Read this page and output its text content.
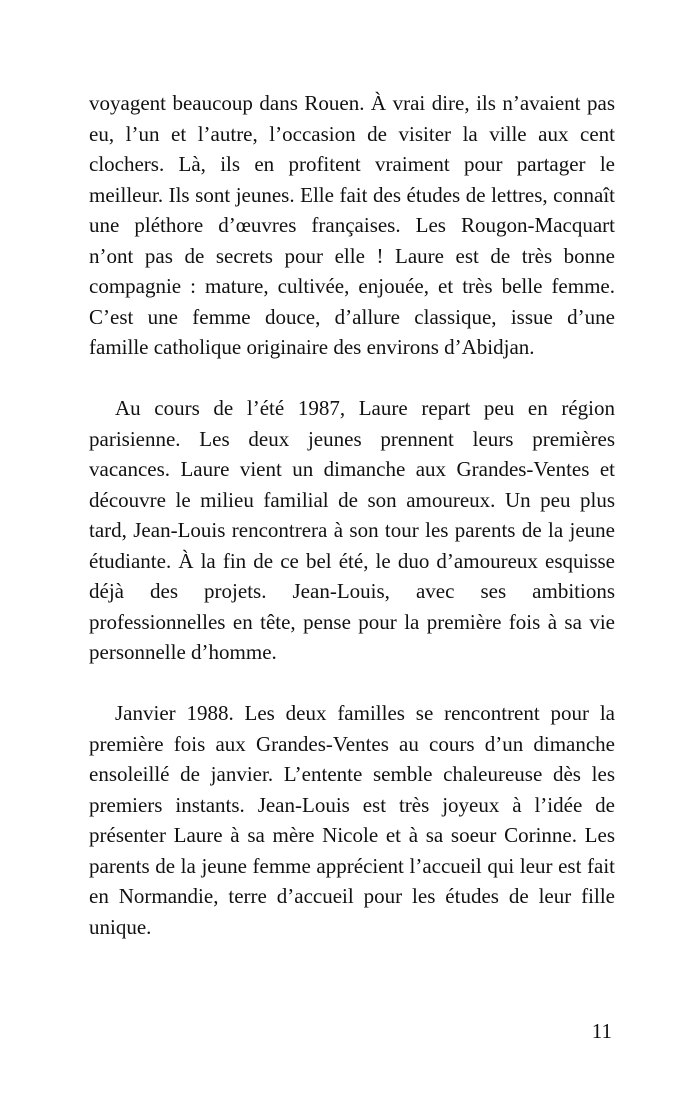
voyagent beaucoup dans Rouen. À vrai dire, ils n’avaient pas eu, l’un et l’autre, l’occasion de visiter la ville aux cent clochers. Là, ils en profitent vraiment pour partager le meilleur. Ils sont jeunes. Elle fait des études de lettres, connaît une pléthore d’œuvres françaises. Les Rougon-Macquart n’ont pas de secrets pour elle ! Laure est de très bonne compagnie : mature, cultivée, enjouée, et très belle femme. C’est une femme douce, d’allure classique, issue d’une famille catholique originaire des environs d’Abidjan.

Au cours de l’été 1987, Laure repart peu en région parisienne. Les deux jeunes prennent leurs premières vacances. Laure vient un dimanche aux Grandes-Ventes et découvre le milieu familial de son amoureux. Un peu plus tard, Jean-Louis rencontrera à son tour les parents de la jeune étudiante. À la fin de ce bel été, le duo d’amoureux esquisse déjà des projets. Jean-Louis, avec ses ambitions professionnelles en tête, pense pour la première fois à sa vie personnelle d’homme.

Janvier 1988. Les deux familles se rencontrent pour la première fois aux Grandes-Ventes au cours d’un dimanche ensoleillé de janvier. L’entente semble chaleureuse dès les premiers instants. Jean-Louis est très joyeux à l’idée de présenter Laure à sa mère Nicole et à sa soeur Corinne. Les parents de la jeune femme apprécient l’accueil qui leur est fait en Normandie, terre d’accueil pour les études de leur fille unique.

11
